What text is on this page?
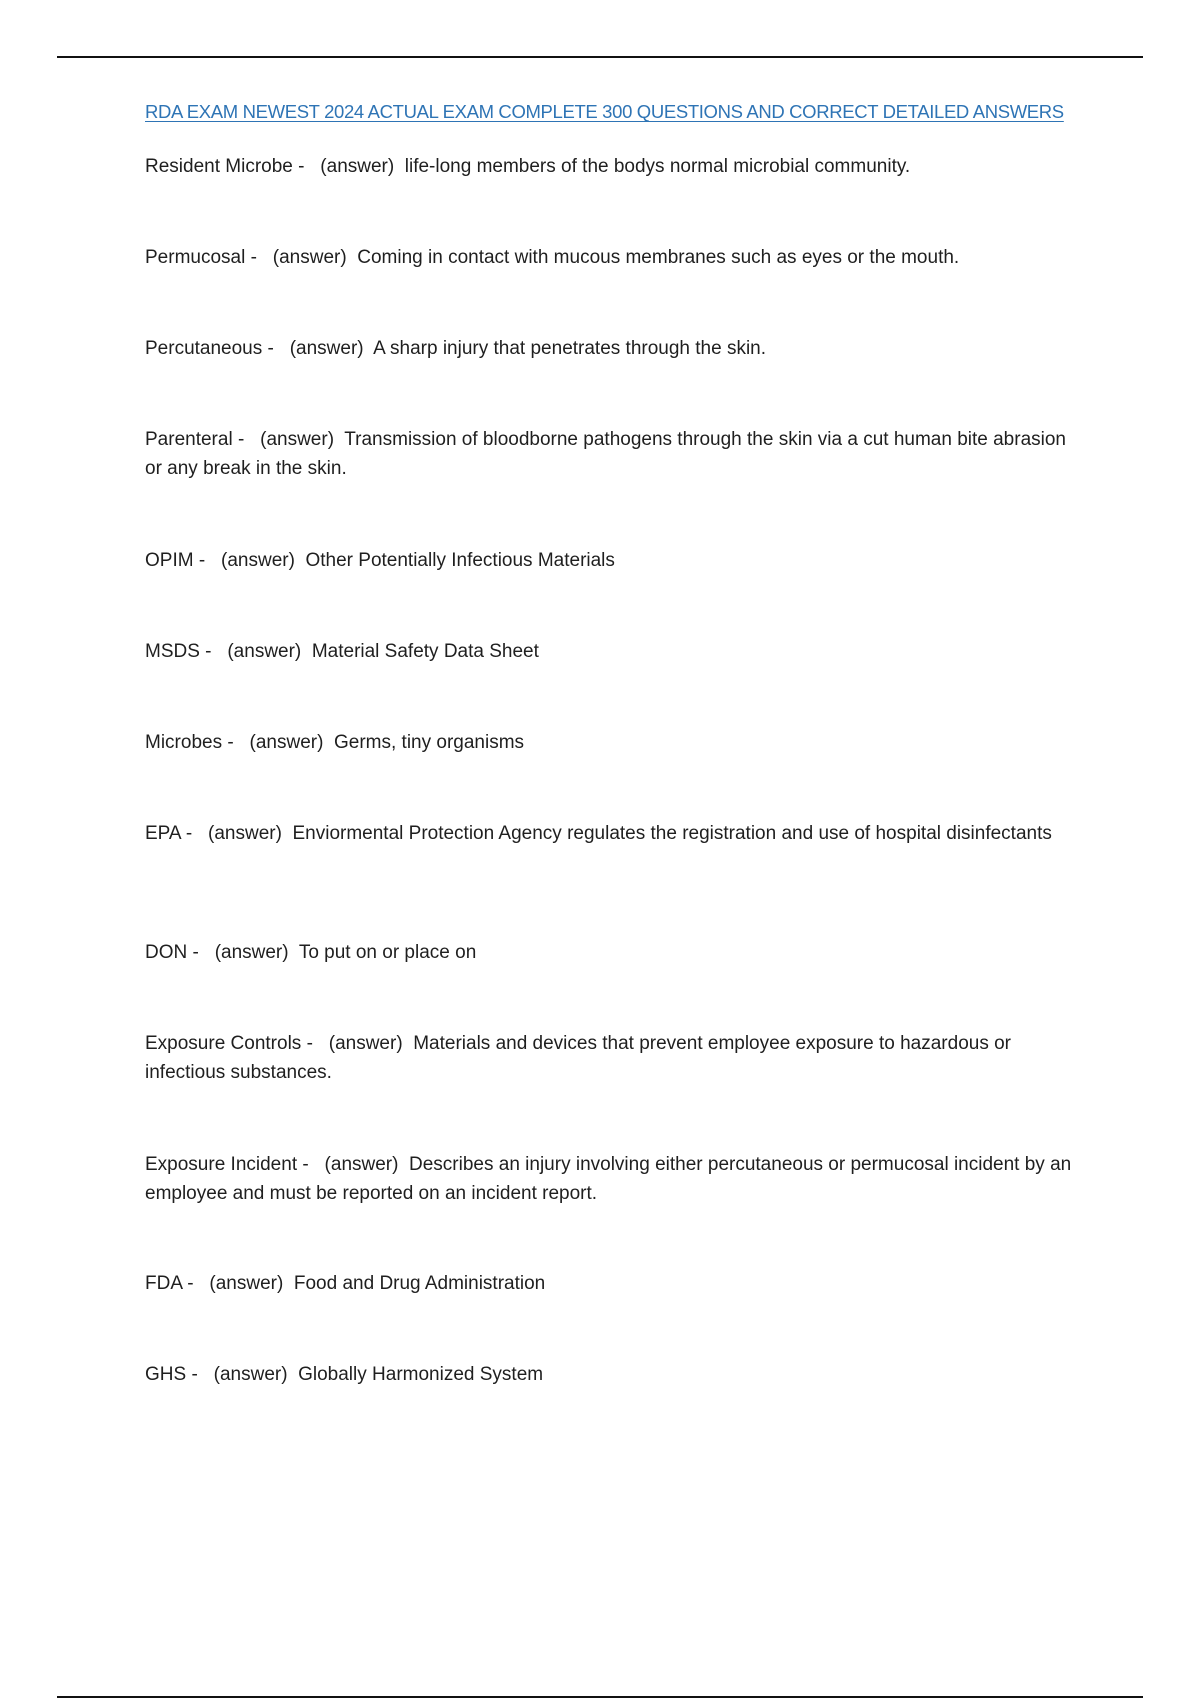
RDA EXAM NEWEST 2024 ACTUAL EXAM COMPLETE 300 QUESTIONS AND CORRECT DETAILED ANSWERS
Resident Microbe -   (answer)  life-long members of the bodys normal microbial community.
Permucosal -   (answer)  Coming in contact with mucous membranes such as eyes or the mouth.
Percutaneous -   (answer)  A sharp injury that penetrates through the skin.
Parenteral -   (answer)  Transmission of bloodborne pathogens through the skin via a cut human bite abrasion or any break in the skin.
OPIM -   (answer)  Other Potentially Infectious Materials
MSDS -   (answer)  Material Safety Data Sheet
Microbes -   (answer)  Germs, tiny organisms
EPA -   (answer)  Enviormental Protection Agency regulates the registration and use of hospital disinfectants
DON -   (answer)  To put on or place on
Exposure Controls -   (answer)  Materials and devices that prevent employee exposure to hazardous or infectious substances.
Exposure Incident -   (answer)  Describes an injury involving either percutaneous or permucosal incident by an employee and must be reported on an incident report.
FDA -   (answer)  Food and Drug Administration
GHS -   (answer)  Globally Harmonized System
